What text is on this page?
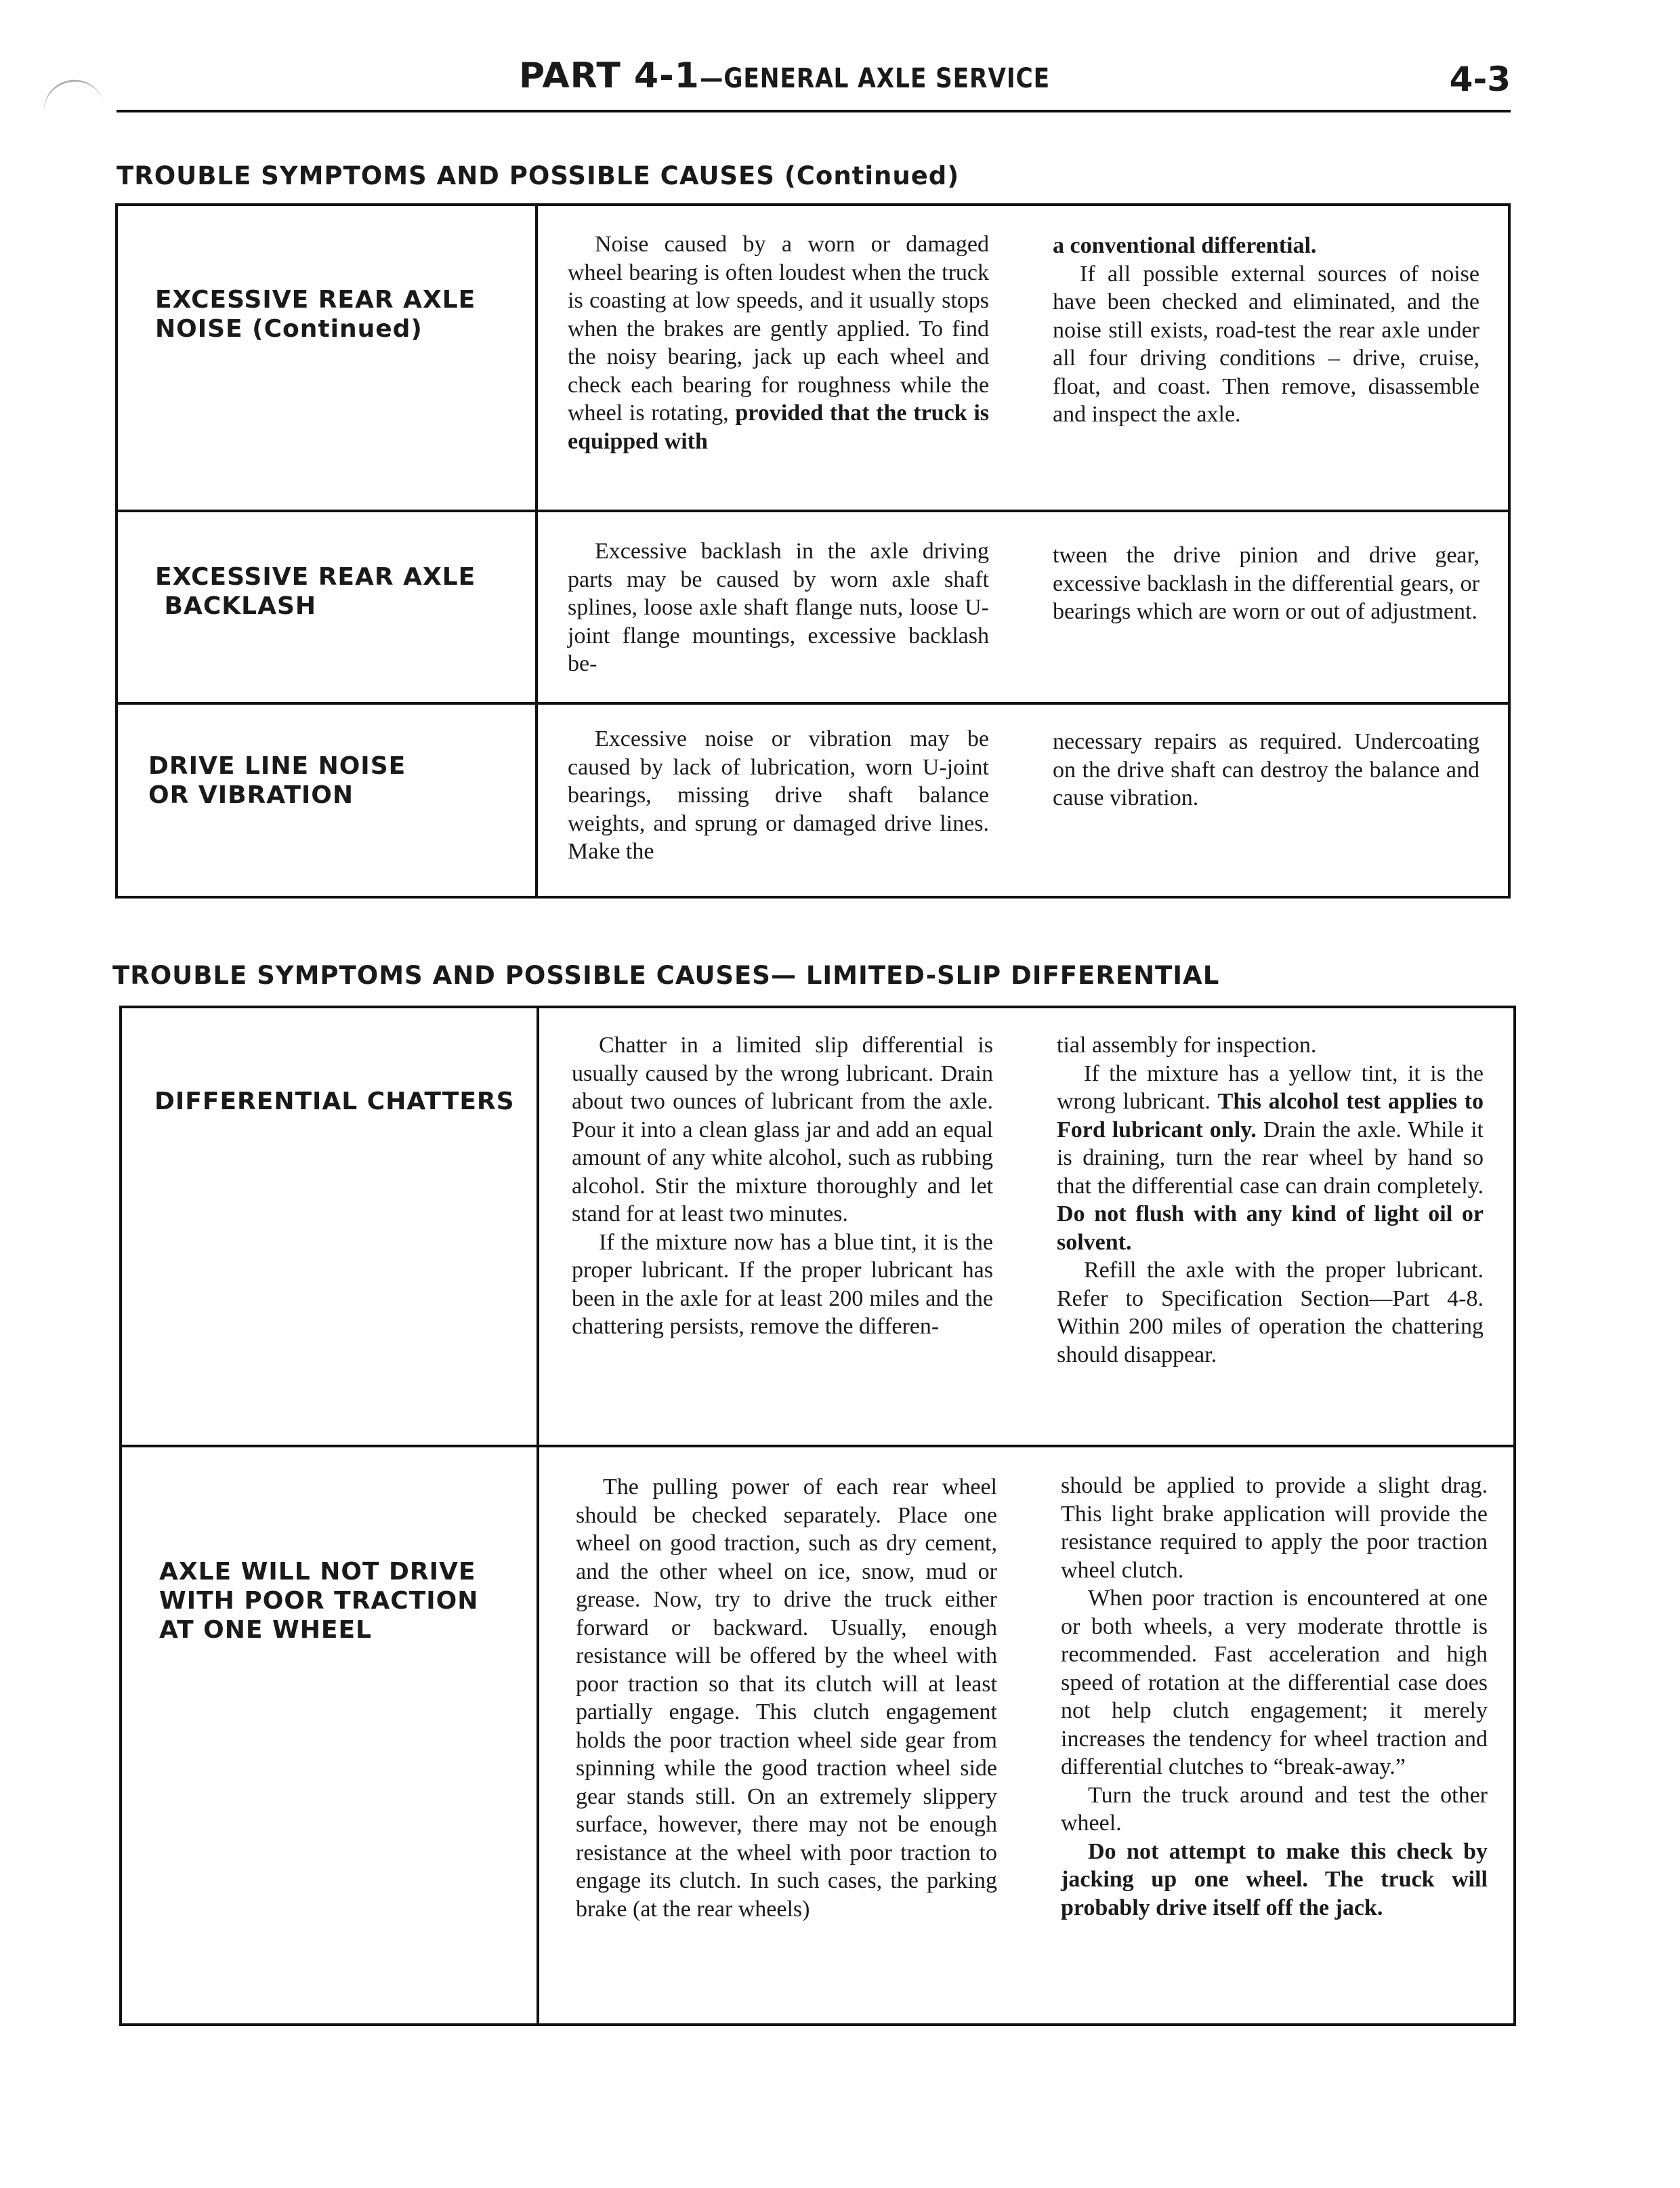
PART 4-1—GENERAL AXLE SERVICE	4-3
TROUBLE SYMPTOMS AND POSSIBLE CAUSES (Continued)
EXCESSIVE REAR AXLE
NOISE (Continued)

Noise caused by a worn or damaged wheel bearing is often loudest when the truck is coasting at low speeds, and it usually stops when the brakes are gently applied. To find the noisy bearing, jack up each wheel and check each bearing for roughness while the wheel is rotating, provided that the truck is equipped with

a conventional differential.

If all possible external sources of noise have been checked and eliminated, and the noise still exists, road-test the rear axle under all four driving conditions – drive, cruise, float, and coast. Then remove, disassemble and inspect the axle.

EXCESSIVE REAR AXLE
BACKLASH

Excessive backlash in the axle driving parts may be caused by worn axle shaft splines, loose axle shaft flange nuts, loose U-joint flange mountings, excessive backlash be-

tween the drive pinion and drive gear, excessive backlash in the differential gears, or bearings which are worn or out of adjustment.

DRIVE LINE NOISE
OR VIBRATION

Excessive noise or vibration may be caused by lack of lubrication, worn U-joint bearings, missing drive shaft balance weights, and sprung or damaged drive lines. Make the

necessary repairs as required. Undercoating on the drive shaft can destroy the balance and cause vibration.

TROUBLE SYMPTOMS AND POSSIBLE CAUSES— LIMITED-SLIP DIFFERENTIAL
DIFFERENTIAL CHATTERS

Chatter in a limited slip differential is usually caused by the wrong lubricant. Drain about two ounces of lubricant from the axle. Pour it into a clean glass jar and add an equal amount of any white alcohol, such as rubbing alcohol. Stir the mixture thoroughly and let stand for at least two minutes.

If the mixture now has a blue tint, it is the proper lubricant. If the proper lubricant has been in the axle for at least 200 miles and the chattering persists, remove the differen-

tial assembly for inspection.

If the mixture has a yellow tint, it is the wrong lubricant. This alcohol test applies to Ford lubricant only. Drain the axle. While it is draining, turn the rear wheel by hand so that the differential case can drain completely. Do not flush with any kind of light oil or solvent.

Refill the axle with the proper lubricant. Refer to Specification Section—Part 4-8. Within 200 miles of operation the chattering should disappear.

AXLE WILL NOT DRIVE
WITH POOR TRACTION
AT ONE WHEEL

The pulling power of each rear wheel should be checked separately. Place one wheel on good traction, such as dry cement, and the other wheel on ice, snow, mud or grease. Now, try to drive the truck either forward or backward. Usually, enough resistance will be offered by the wheel with poor traction so that its clutch will at least partially engage. This clutch engagement holds the poor traction wheel side gear from spinning while the good traction wheel side gear stands still. On an extremely slippery surface, however, there may not be enough resistance at the wheel with poor traction to engage its clutch. In such cases, the parking brake (at the rear wheels)

should be applied to provide a slight drag. This light brake application will provide the resistance required to apply the poor traction wheel clutch.

When poor traction is encountered at one or both wheels, a very moderate throttle is recommended. Fast acceleration and high speed of rotation at the differential case does not help clutch engagement; it merely increases the tendency for wheel traction and differential clutches to “break-away.”

Turn the truck around and test the other wheel.

Do not attempt to make this check by jacking up one wheel. The truck will probably drive itself off the jack.
